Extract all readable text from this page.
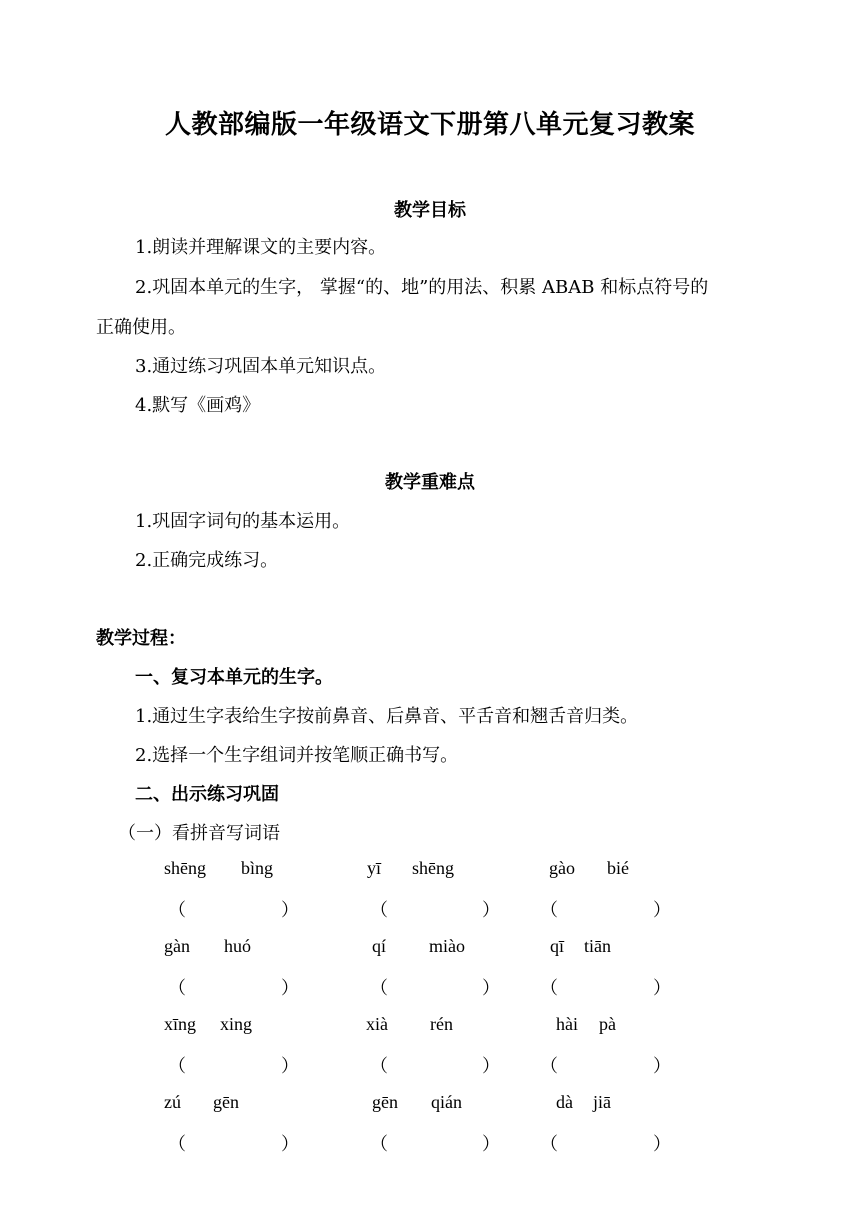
人教部编版一年级语文下册第八单元复习教案
教学目标
1.朗读并理解课文的主要内容。
2.巩固本单元的生字， 掌握“的、地”的用法、积累 ABAB 和标点符号的
正确使用。
3.通过练习巩固本单元知识点。
4.默写《画鸡》
教学重难点
1.巩固字词句的基本运用。
2.正确完成练习。
教学过程：
一、复习本单元的生字。
1.通过生字表给生字按前鼻音、后鼻音、平舌音和翘舌音归类。
2.选择一个生字组词并按笔顺正确书写。
二、出示练习巩固
（一）看拼音写词语
shēng bìng	yī shēng	gào bié
（	）	（	） （	）
gàn huó	qí miào	qī tiān
（	）	（	） （	）
xīng xing	xià rén	hài pà
（	）	（	） （	）
zú gēn	gēn qián	dà jiā
（	）	（	） （	）
